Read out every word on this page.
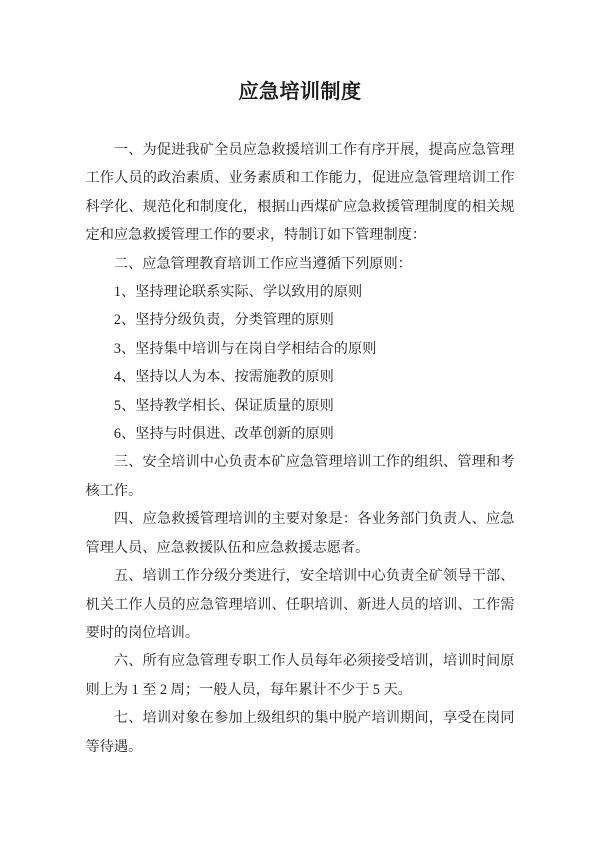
应急培训制度

一、为促进我矿全员应急救援培训工作有序开展，提高应急管理工作人员的政治素质、业务素质和工作能力，促进应急管理培训工作科学化、规范化和制度化，根据山西煤矿应急救援管理制度的相关规定和应急救援管理工作的要求，特制订如下管理制度：

二、应急管理教育培训工作应当遵循下列原则：

1、坚持理论联系实际、学以致用的原则

2、坚持分级负责，分类管理的原则

3、坚持集中培训与在岗自学相结合的原则

4、坚持以人为本、按需施教的原则

5、坚持教学相长、保证质量的原则

6、坚持与时俱进、改革创新的原则

三、安全培训中心负责本矿应急管理培训工作的组织、管理和考核工作。

四、应急救援管理培训的主要对象是：各业务部门负责人、应急管理人员、应急救援队伍和应急救援志愿者。

五、培训工作分级分类进行，安全培训中心负责全矿领导干部、机关工作人员的应急管理培训、任职培训、新进人员的培训、工作需要时的岗位培训。

六、所有应急管理专职工作人员每年必须接受培训，培训时间原则上为 1 至 2 周；一般人员，每年累计不少于 5 天。

七、培训对象在参加上级组织的集中脱产培训期间，享受在岗同等待遇。
